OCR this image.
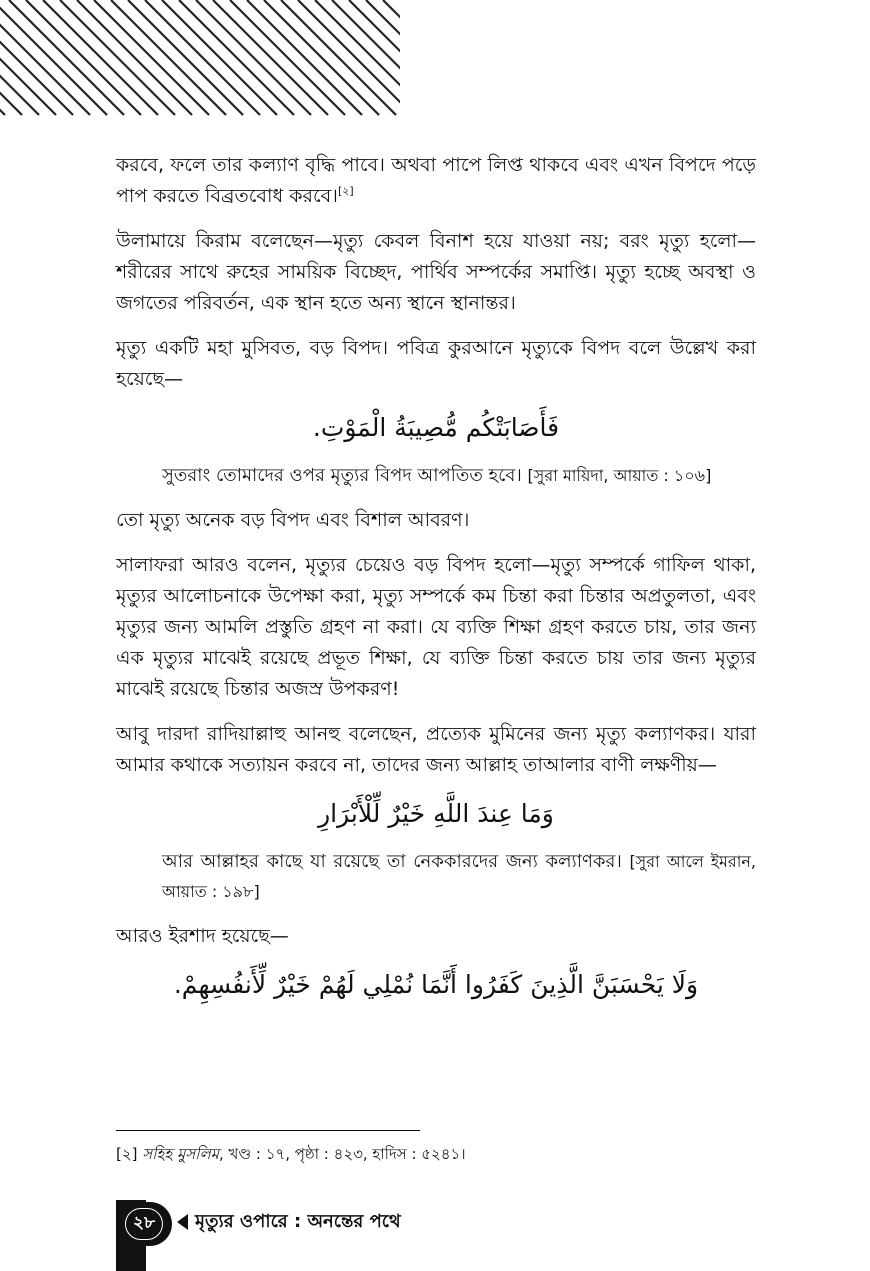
করবে, ফলে তার কল্যাণ বৃদ্ধি পাবে। অথবা পাপে লিপ্ত থাকবে এবং এখন বিপদে পড়ে পাপ করতে বিব্রতবোধ করবে।[২]

উলামায়ে কিরাম বলেছেন—মৃত্যু কেবল বিনাশ হয়ে যাওয়া নয়; বরং মৃত্যু হলো—শরীরের সাথে রুহের সাময়িক বিচ্ছেদ, পার্থিব সম্পর্কের সমাপ্তি। মৃত্যু হচ্ছে অবস্থা ও জগতের পরিবর্তন, এক স্থান হতে অন্য স্থানে স্থানান্তর।

মৃত্যু একটি মহা মুসিবত, বড় বিপদ। পবিত্র কুরআনে মৃত্যুকে বিপদ বলে উল্লেখ করা হয়েছে—

فَأَصَابَتْكُم مُّصِيبَةُ الْمَوْتِ.

সুতরাং তোমাদের ওপর মৃত্যুর বিপদ আপতিত হবে। [সুরা মায়িদা, আয়াত : ১০৬]

তো মৃত্যু অনেক বড় বিপদ এবং বিশাল আবরণ।

সালাফরা আরও বলেন, মৃত্যুর চেয়েও বড় বিপদ হলো—মৃত্যু সম্পর্কে গাফিল থাকা, মৃত্যুর আলোচনাকে উপেক্ষা করা, মৃত্যু সম্পর্কে কম চিন্তা করা চিন্তার অপ্রতুলতা, এবং মৃত্যুর জন্য আমলি প্রস্তুতি গ্রহণ না করা। যে ব্যক্তি শিক্ষা গ্রহণ করতে চায়, তার জন্য এক মৃত্যুর মাঝেই রয়েছে প্রভূত শিক্ষা, যে ব্যক্তি চিন্তা করতে চায় তার জন্য মৃত্যুর মাঝেই রয়েছে চিন্তার অজস্র উপকরণ!

আবু দারদা রাদিয়াল্লাহু আনহু বলেছেন, প্রত্যেক মুমিনের জন্য মৃত্যু কল্যাণকর। যারা আমার কথাকে সত্যায়ন করবে না, তাদের জন্য আল্লাহ তাআলার বাণী লক্ষণীয়—

وَمَا عِندَ اللَّهِ خَيْرٌ لِّلْأَبْرَارِ

আর আল্লাহর কাছে যা রয়েছে তা নেককারদের জন্য কল্যাণকর। [সুরা আলে ইমরান, আয়াত : ১৯৮]

আরও ইরশাদ হয়েছে—

وَلَا يَحْسَبَنَّ الَّذِينَ كَفَرُوا أَنَّمَا نُمْلِي لَهُمْ خَيْرٌ لِّأَنفُسِهِمْ.
[২] সহিহ মুসলিম, খণ্ড : ১৭, পৃষ্ঠা : ৪২৩, হাদিস : ৫২৪১।
২৮	মৃত্যুর ওপারে : অনন্তের পথে
